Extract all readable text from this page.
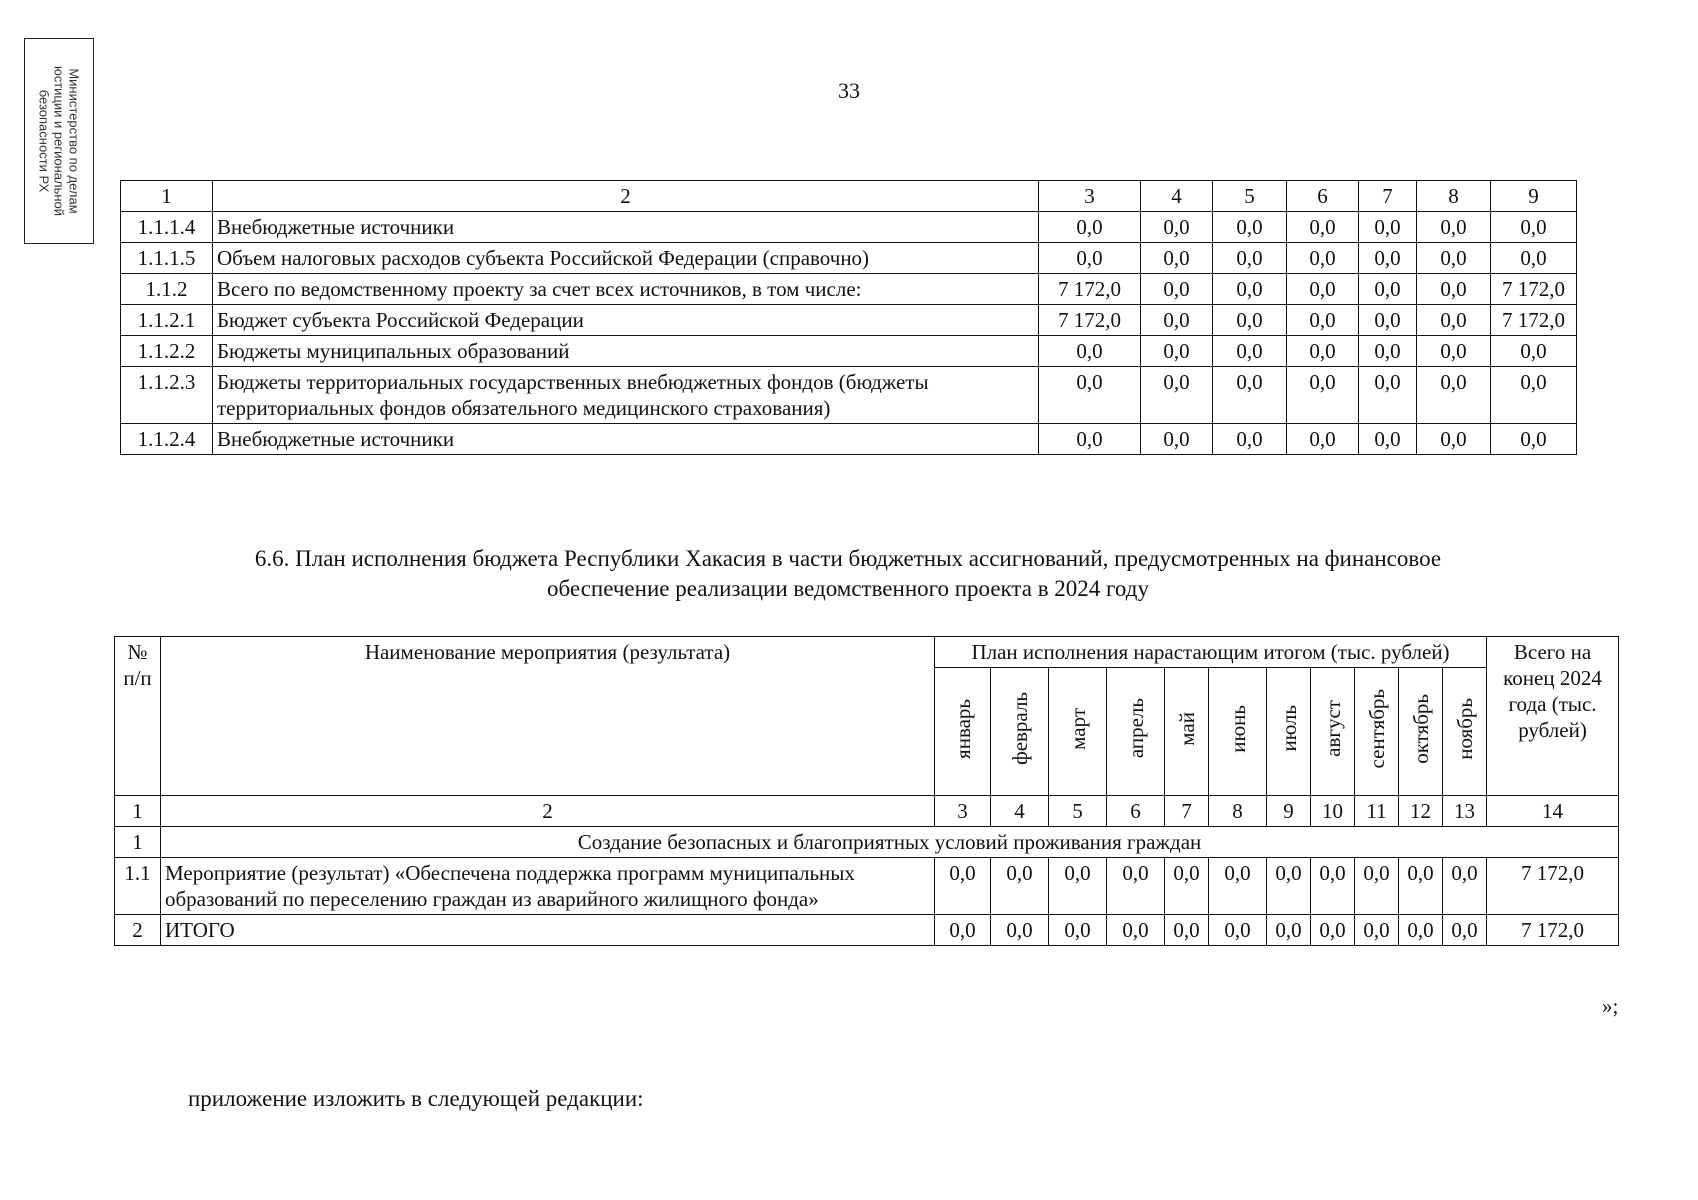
Министерство по делам
юстиции и региональной
безопасности РХ	33
1	2	3	4	5	6	7	8	9
1.1.1.4	Внебюджетные источники	0,0	0,0	0,0	0,0	0,0	0,0	0,0
1.1.1.5	Объем налоговых расходов субъекта Российской Федерации (справочно)	0,0	0,0	0,0	0,0	0,0	0,0	0,0
1.1.2	Всего по ведомственному проекту за счет всех источников, в том числе:	7 172,0	0,0	0,0	0,0	0,0	0,0	7 172,0
1.1.2.1	Бюджет субъекта Российской Федерации	7 172,0	0,0	0,0	0,0	0,0	0,0	7 172,0
1.1.2.2	Бюджеты муниципальных образований	0,0	0,0	0,0	0,0	0,0	0,0	0,0
1.1.2.3	Бюджеты территориальных государственных внебюджетных фондов (бюджеты территориальных фондов обязательного медицинского страхования)	0,0	0,0	0,0	0,0	0,0	0,0	0,0
1.1.2.4	Внебюджетные источники	0,0	0,0	0,0	0,0	0,0	0,0	0,0
6.6. План исполнения бюджета Республики Хакасия в части бюджетных ассигнований, предусмотренных на финансовое
обеспечение реализации ведомственного проекта в 2024 году
№ п/п	Наименование мероприятия (результата)	План исполнения нарастающим итогом (тыс. рублей)											Всего на конец 2024 года (тыс. рублей)
		январь	февраль	март	апрель	май	июнь	июль	август	сентябрь	октябрь	ноябрь	
1	2	3	4	5	6	7	8	9	10	11	12	13	14
1	Создание безопасных и благоприятных условий проживания граждан												
1.1	Мероприятие (результат) «Обеспечена поддержка программ муниципальных образований по переселению граждан из аварийного жилищного фонда»	0,0	0,0	0,0	0,0	0,0	0,0	0,0	0,0	0,0	0,0	0,0	7 172,0
2	ИТОГО	0,0	0,0	0,0	0,0	0,0	0,0	0,0	0,0	0,0	0,0	0,0	7 172,0
»;
приложение изложить в следующей редакции:
